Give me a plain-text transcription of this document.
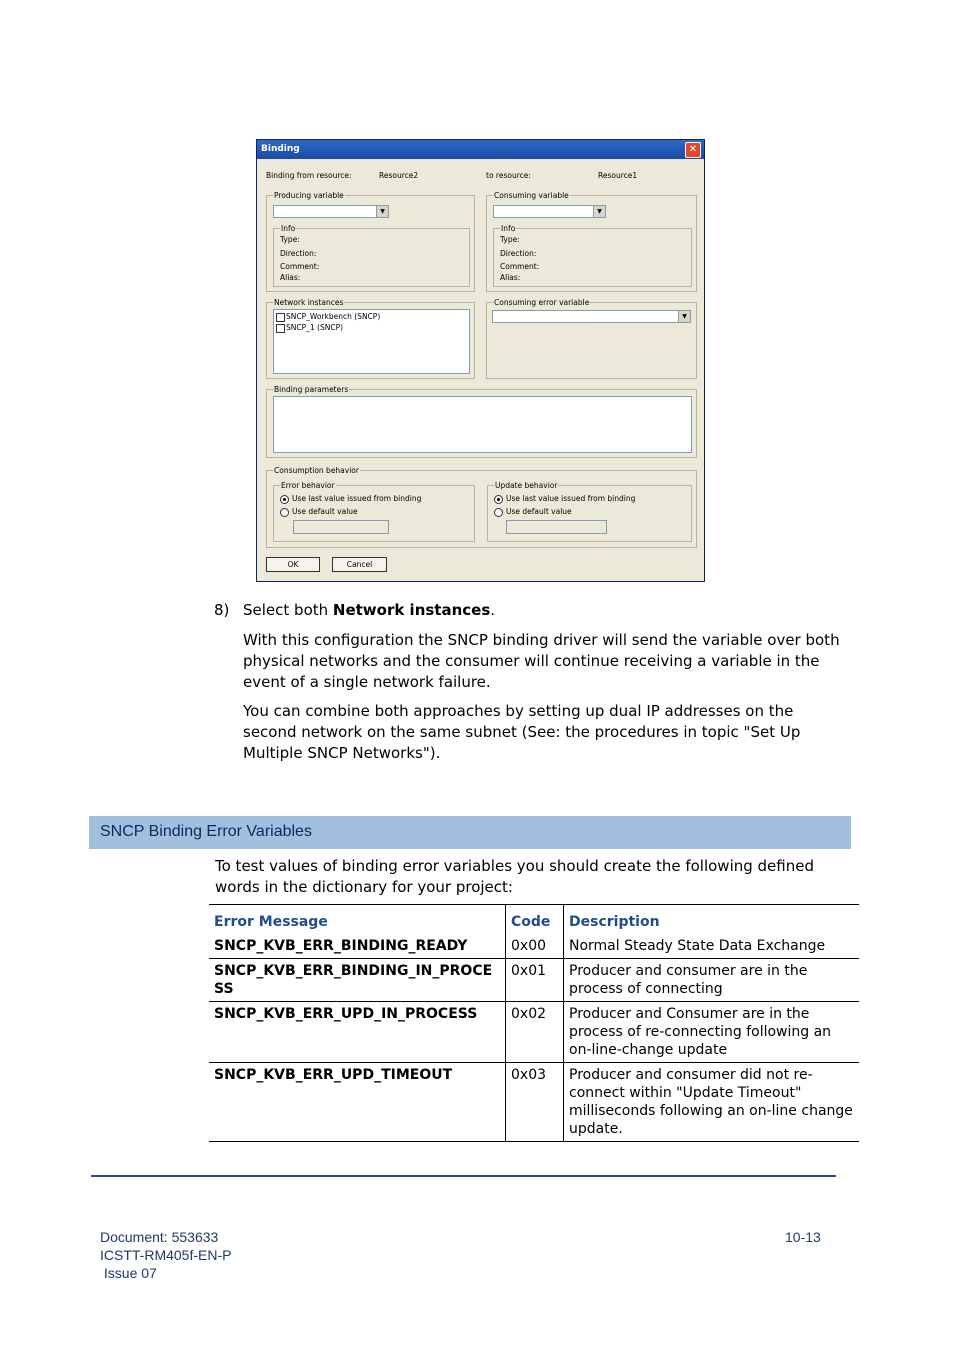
Binding	✕
Binding from resource:	Resource2	to resource:	Resource1
Producing variable
▼
Info
Type:
Direction:
Comment:
Alias:
Consuming variable
▼
Info
Type:
Direction:
Comment:
Alias:
Network instances
SNCP_Workbench (SNCP)
SNCP_1 (SNCP)
Consuming error variable
▼
Binding parameters
Consumption behavior
Error behavior
Use last value issued from binding
Use default value
Update behavior
Use last value issued from binding
Use default value
OK	Cancel
8) Select both Network instances.
With this configuration the SNCP binding driver will send the variable over both physical networks and the consumer will continue receiving a variable in the event of a single network failure.
You can combine both approaches by setting up dual IP addresses on the second network on the same subnet (See: the procedures in topic "Set Up Multiple SNCP Networks").
SNCP Binding Error Variables
To test values of binding error variables you should create the following defined words in the dictionary for your project:
Error Message	Code	Description
SNCP_KVB_ERR_BINDING_READY	0x00	Normal Steady State Data Exchange
SNCP_KVB_ERR_BINDING_IN_PROCESS	0x01	Producer and consumer are in the process of connecting
SNCP_KVB_ERR_UPD_IN_PROCESS	0x02	Producer and Consumer are in the process of re-connecting following an on-line-change update
SNCP_KVB_ERR_UPD_TIMEOUT	0x03	Producer and consumer did not re-connect within "Update Timeout" milliseconds following an on-line change update.
Document: 553633
ICSTT-RM405f-EN-P
Issue 07
10-13
